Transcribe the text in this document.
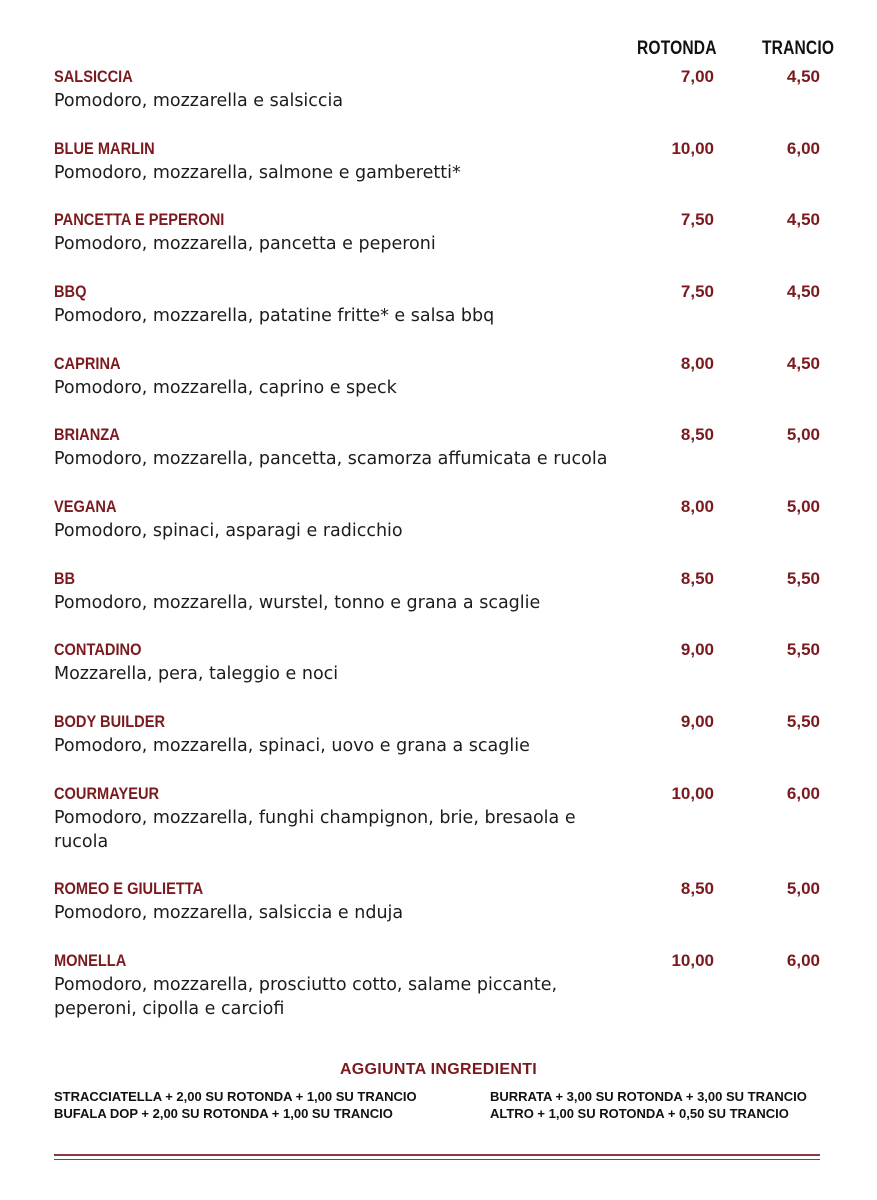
ROTONDA TRANCIO
SALSICCIA
Pomodoro, mozzarella e salsiccia
7,00	4,50
BLUE MARLIN
Pomodoro, mozzarella, salmone e gamberetti*
10,00	6,00
PANCETTA E PEPERONI
Pomodoro, mozzarella, pancetta e peperoni
7,50	4,50
BBQ
Pomodoro, mozzarella, patatine fritte* e salsa bbq
7,50	4,50
CAPRINA
Pomodoro, mozzarella, caprino e speck
8,00	4,50
BRIANZA
Pomodoro, mozzarella, pancetta, scamorza affumicata e rucola
8,50	5,00
VEGANA
Pomodoro, spinaci, asparagi e radicchio
8,00	5,00
BB
Pomodoro, mozzarella, wurstel, tonno e grana a scaglie
8,50	5,50
CONTADINO
Mozzarella, pera, taleggio e noci
9,00	5,50
BODY BUILDER
Pomodoro, mozzarella, spinaci, uovo e grana a scaglie
9,00	5,50
COURMAYEUR
Pomodoro, mozzarella, funghi champignon, brie, bresaola e rucola
10,00	6,00
ROMEO E GIULIETTA
Pomodoro, mozzarella, salsiccia e nduja
8,50	5,00
MONELLA
Pomodoro, mozzarella, prosciutto cotto, salame piccante, peperoni, cipolla e carciofi
10,00	6,00
AGGIUNTA INGREDIENTI
STRACCIATELLA + 2,00 SU ROTONDA + 1,00 SU TRANCIO
BUFALA DOP + 2,00 SU ROTONDA + 1,00 SU TRANCIO
BURRATA + 3,00 SU ROTONDA + 3,00 SU TRANCIO
ALTRO + 1,00 SU ROTONDA + 0,50 SU TRANCIO
